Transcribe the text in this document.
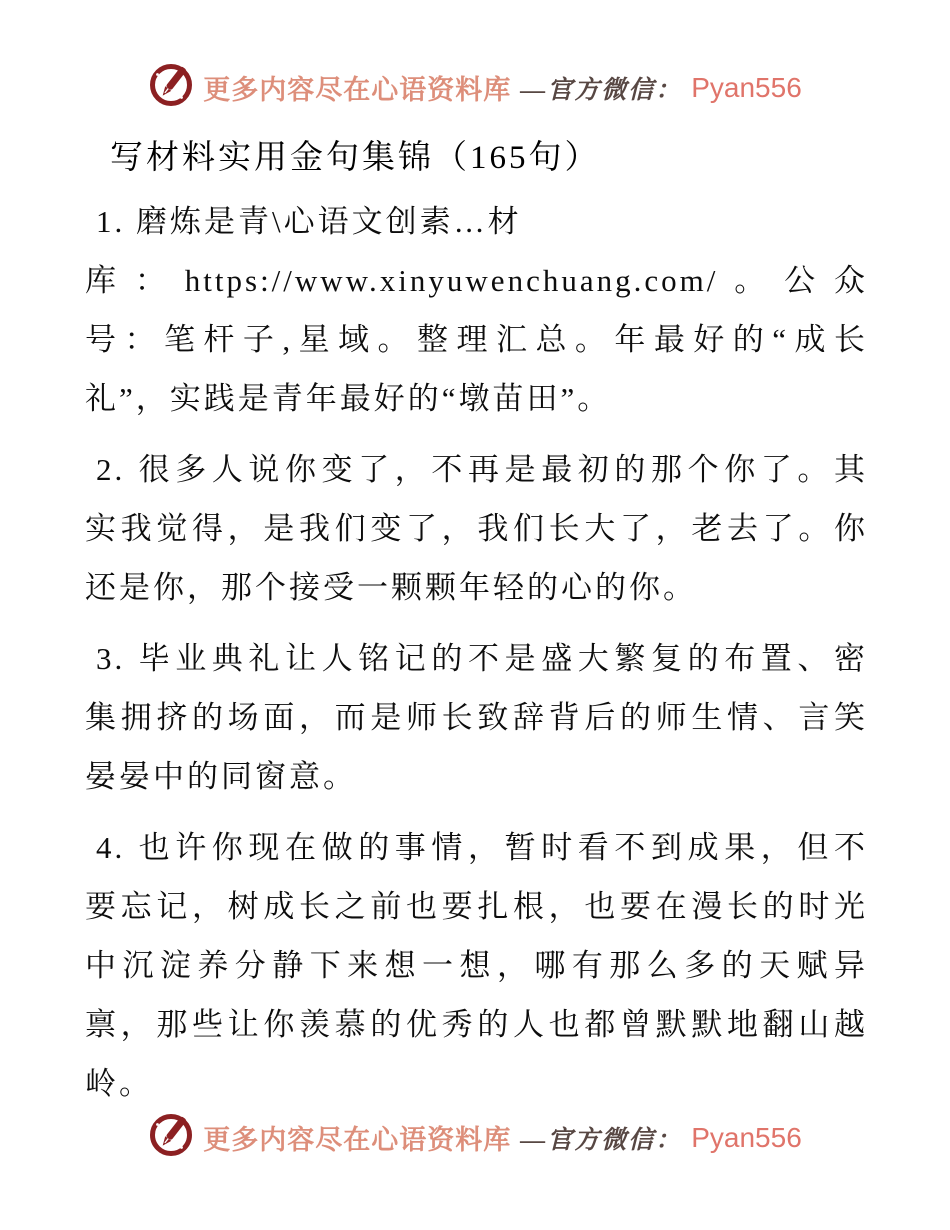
更多内容尽在心语资料库 —官方微信： Pyan556
写材料实用金句集锦（165句）
1. 磨炼是青\心语文创素…材
库：https://www.xinyuwenchuang.com/。公众
号：笔杆子,星域。整理汇总。年最好的“成长
礼”，实践是青年最好的“墩苗田”。
2. 很多人说你变了，不再是最初的那个你了。其
实我觉得，是我们变了，我们长大了，老去了。你
还是你，那个接受一颗颗年轻的心的你。
3. 毕业典礼让人铭记的不是盛大繁复的布置、密
集拥挤的场面，而是师长致辞背后的师生情、言笑
晏晏中的同窗意。
4. 也许你现在做的事情，暂时看不到成果，但不
要忘记，树成长之前也要扎根，也要在漫长的时光
中沉淀养分静下来想一想，哪有那么多的天赋异
禀，那些让你羡慕的优秀的人也都曾默默地翻山越
岭。
更多内容尽在心语资料库 —官方微信： Pyan556
